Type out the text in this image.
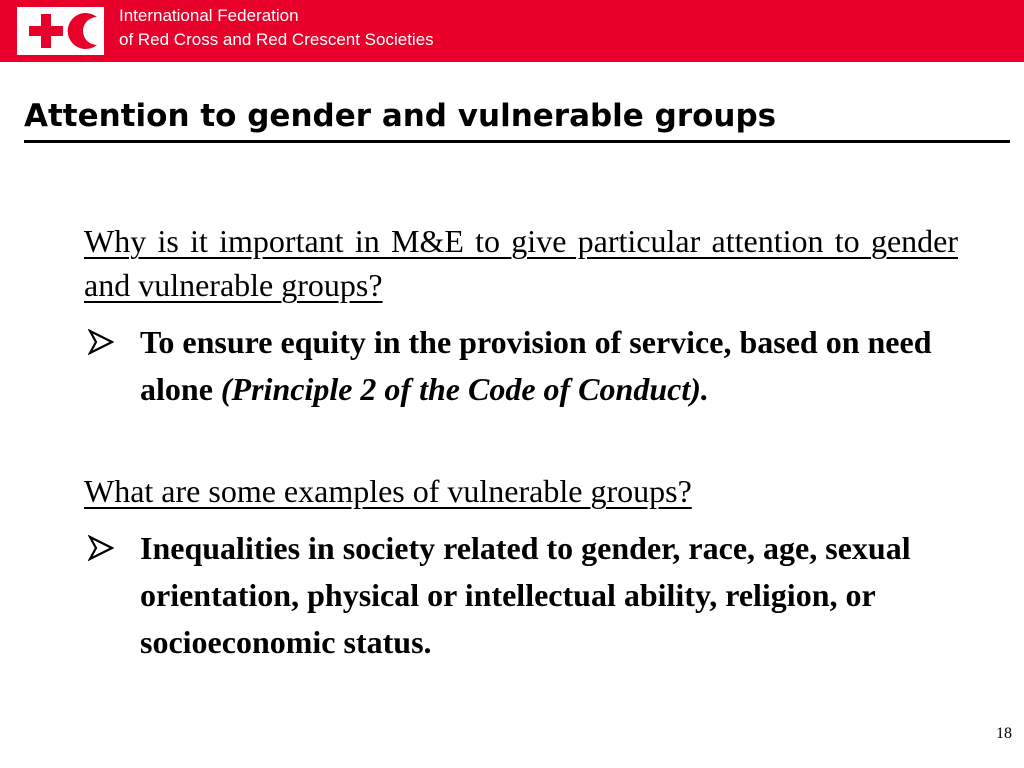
International Federation
of Red Cross and Red Crescent Societies
Attention to gender and vulnerable groups

Why is it important in M&E to give particular attention to gender and vulnerable groups?

To ensure equity in the provision of service, based on need alone (Principle 2 of the Code of Conduct).

What are some examples of vulnerable groups?

Inequalities in society related to gender, race, age, sexual orientation, physical or intellectual ability, religion, or socioeconomic status.
18
